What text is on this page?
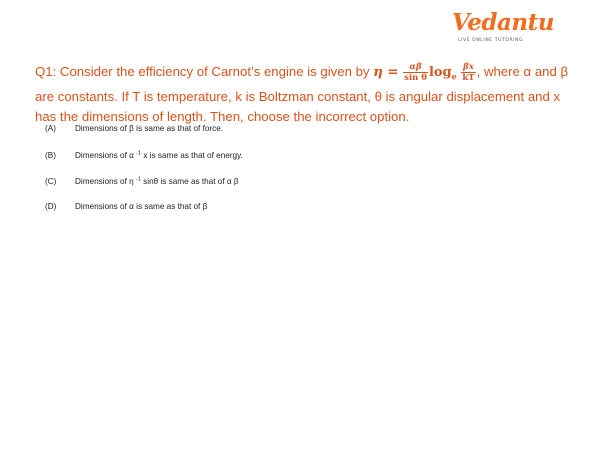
Vedantu
LIVE ONLINE TUTORING
Q1: Consider the efficiency of Carnot’s engine is given by $\eta = \frac{\alpha\beta}{\text{sin θ}} \log_e \frac{\beta x}{kT}$ , where α and β
are constants. If T is temperature, k is Boltzman constant, θ is angular displacement and x
has the dimensions of length. Then, choose the incorrect option.
(A) Dimensions of β is same as that of force.
(B) Dimensions of α $^{-1}$ x is same as that of energy.
(C) Dimensions of η $^{-1}$ sinθ is same as that of α β
(D) Dimensions of α is same as that of β
